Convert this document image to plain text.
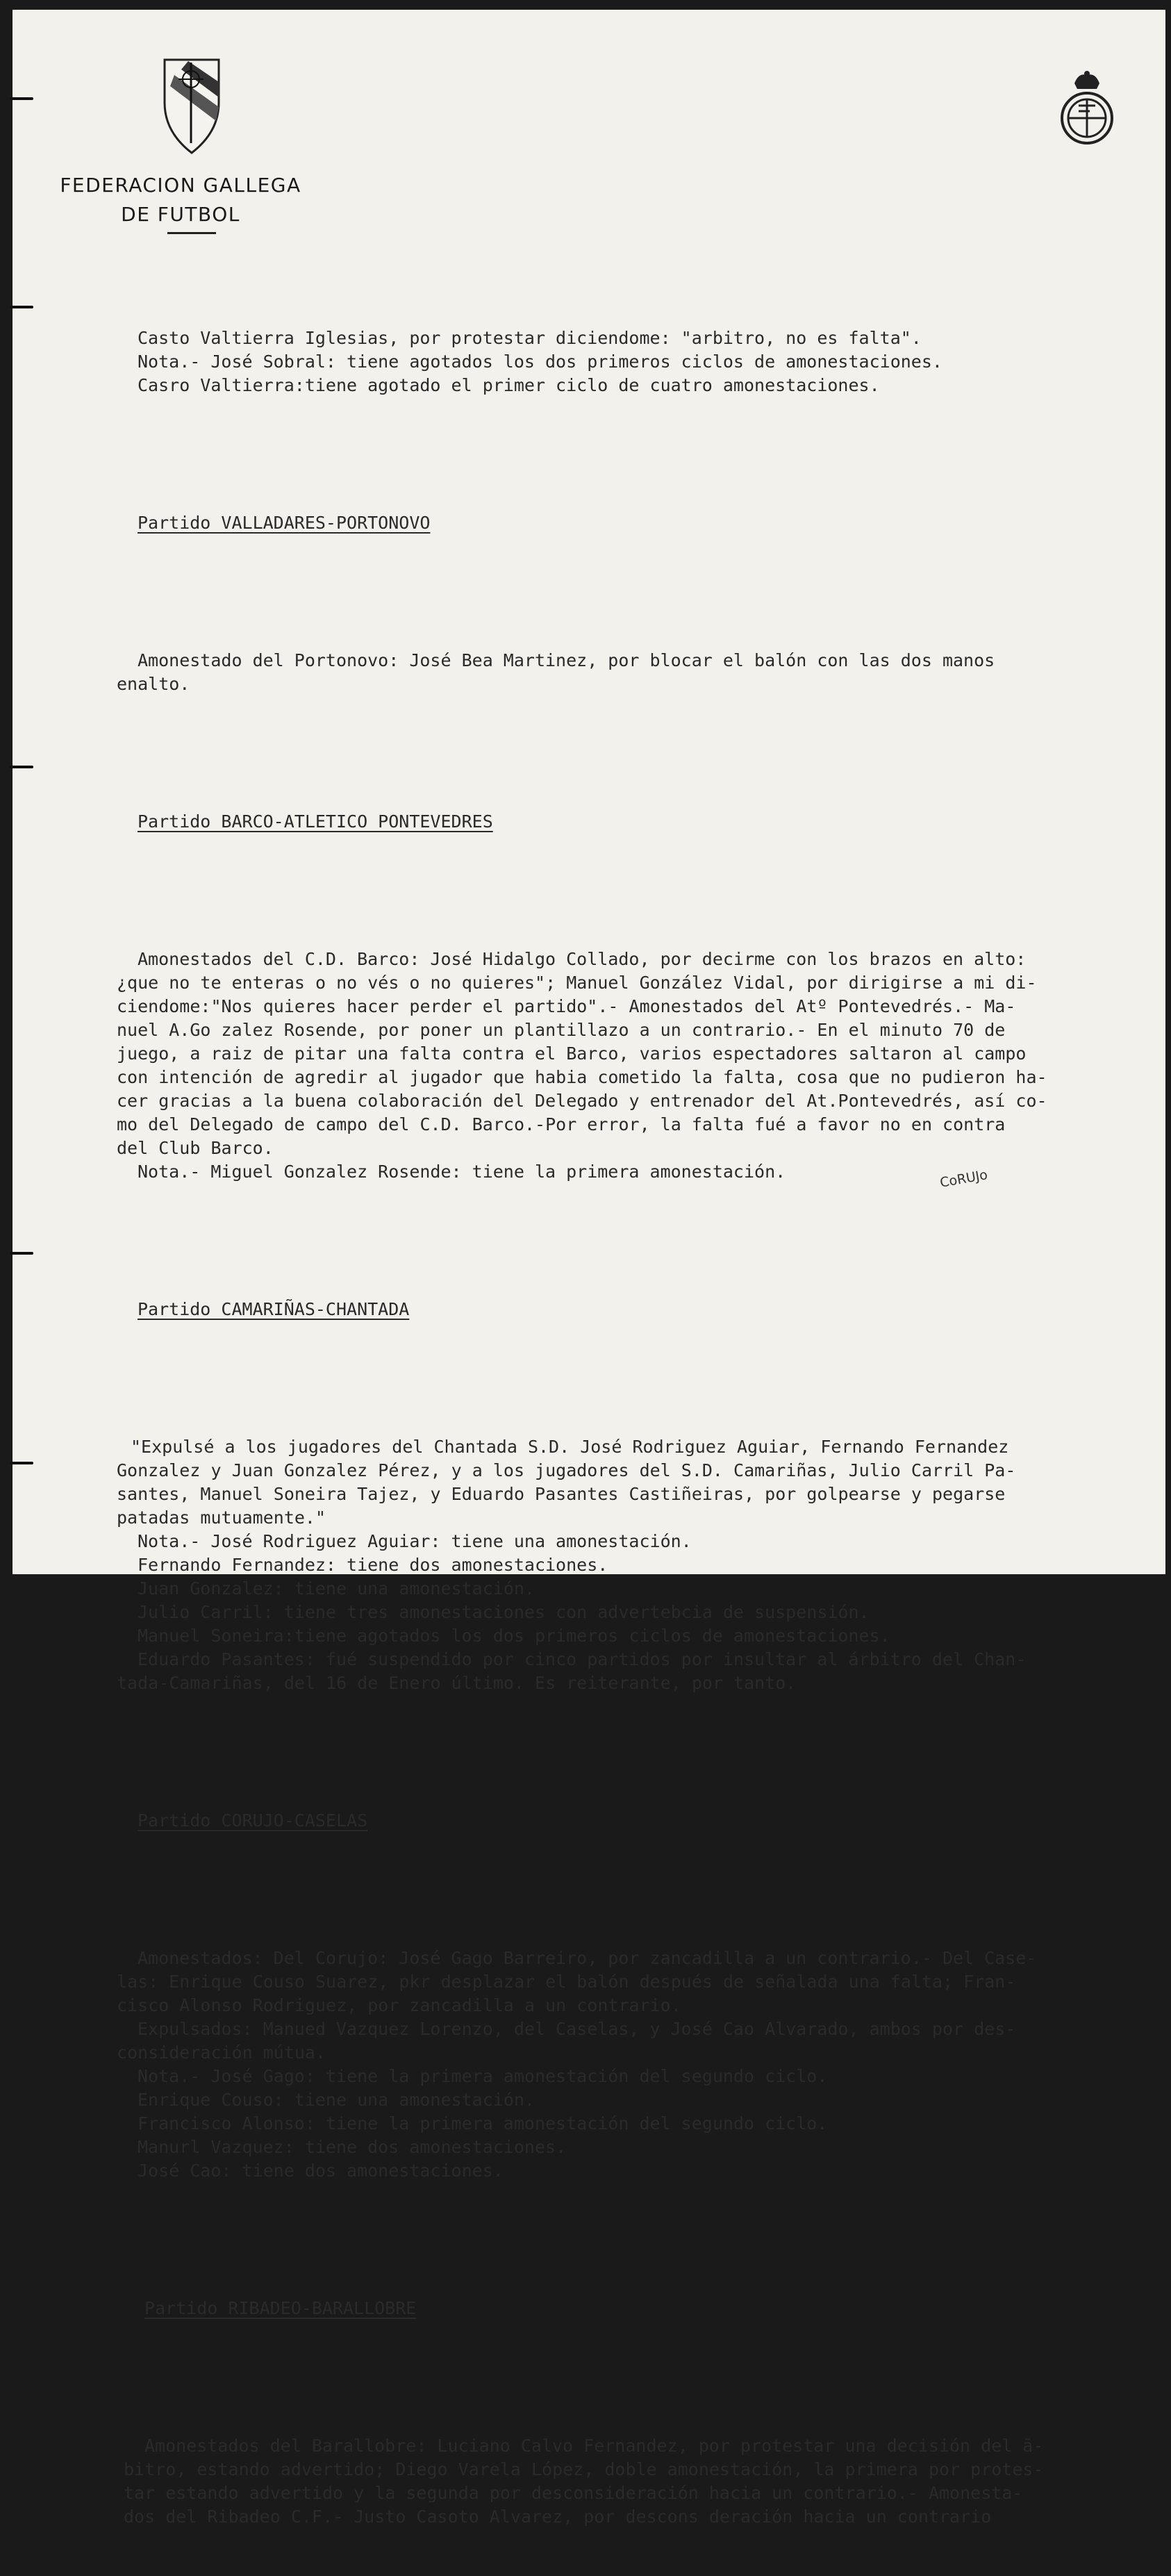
FEDERACION GALLEGA
DE FUTBOL

Casto Valtierra Iglesias, por protestar diciendome: "arbitro, no es falta".
Nota.- José Sobral: tiene agotados los dos primeros ciclos de amonestaciones.
Casro Valtierra:tiene agotado el primer ciclo de cuatro amonestaciones.

Partido VALLADARES-PORTONOVO

Amonestado del Portonovo: José Bea Martinez, por blocar el balón con las dos manos
enalto.

Partido BARCO-ATLETICO PONTEVEDRES

Amonestados del C.D. Barco: José Hidalgo Collado, por decirme con los brazos en alto:
¿que no te enteras o no vés o no quieres"; Manuel González Vidal, por dirigirse a mi di-
ciendome:"Nos quieres hacer perder el partido".- Amonestados del Atº Pontevedrés.- Ma-
nuel A.Go zalez Rosende, por poner un plantillazo a un contrario.- En el minuto 70 de
juego, a raiz de pitar una falta contra el Barco, varios espectadores saltaron al campo
con intención de agredir al jugador que habia cometido la falta, cosa que no pudieron ha-
cer gracias a la buena colaboración del Delegado y entrenador del At.Pontevedrés, así co-
mo del Delegado de campo del C.D. Barco.-Por error, la falta fué a favor no en contra
del Club Barco.
Nota.- Miguel Gonzalez Rosende: tiene la primera amonestación.

Partido CAMARIÑAS-CHANTADA

"Expulsé a los jugadores del Chantada S.D. José Rodriguez Aguiar, Fernando Fernandez
Gonzalez y Juan Gonzalez Pérez, y a los jugadores del S.D. Camariñas, Julio Carril Pa-
santes, Manuel Soneira Tajez, y Eduardo Pasantes Castiñeiras, por golpearse y pegarse
patadas mutuamente."
Nota.- José Rodriguez Aguiar: tiene una amonestación.
Fernando Fernandez: tiene dos amonestaciones.
Juan Gonzalez: tiene una amonestación.
Julio Carril: tiene tres amonestaciones con advertebcia de suspensión.
Manuel Soneira:tiene agotados los dos primeros ciclos de amonestaciones.
Eduardo Pasantes: fué suspendido por cinco partidos por insultar al árbitro del Chan-
tada-Camariñas, del 16 de Enero último. Es reiterante, por tanto.

Partido CORUJO-CASELAS

Amonestados: Del Corujo: José Gago Barreiro, por zancadilla a un contrario.- Del Case-
las: Enrique Couso Suarez, pkr desplazar el balón después de señalada una falta; Fran-
cisco Alonso Rodriguez, por zancadilla a un contrario.
Expulsados: Manued Vazquez Lorenzo, del Caselas, y José Cao Alvarado, ambos por des-
consideración mútua.
Nota.- José Gago: tiene la primera amonestación del segundo ciclo.
Enrique Couso: tiene una amonestación.
Francisco Alonso: tiene la primera amonestación del segundo ciclo.
Manurl Vazquez: tiene dos amonestaciones.
José Cao: tiene dos amonestaciones.

Partido RIBADEO-BARALLOBRE

Amonestados del Barallobre: Luciano Calvo Fernandez, por protestar una decisión del ā-
bitro, estando advertido; Diego Varela López, doble amonestación, la primera por protes-
tar estando advertido y la segunda por desconsideración hacia un contrario.- Amonesta-
dos del Ribadeo C.F.- Justo Casoto Alvarez, por descons deración hacia un contrario

CoRUJo
